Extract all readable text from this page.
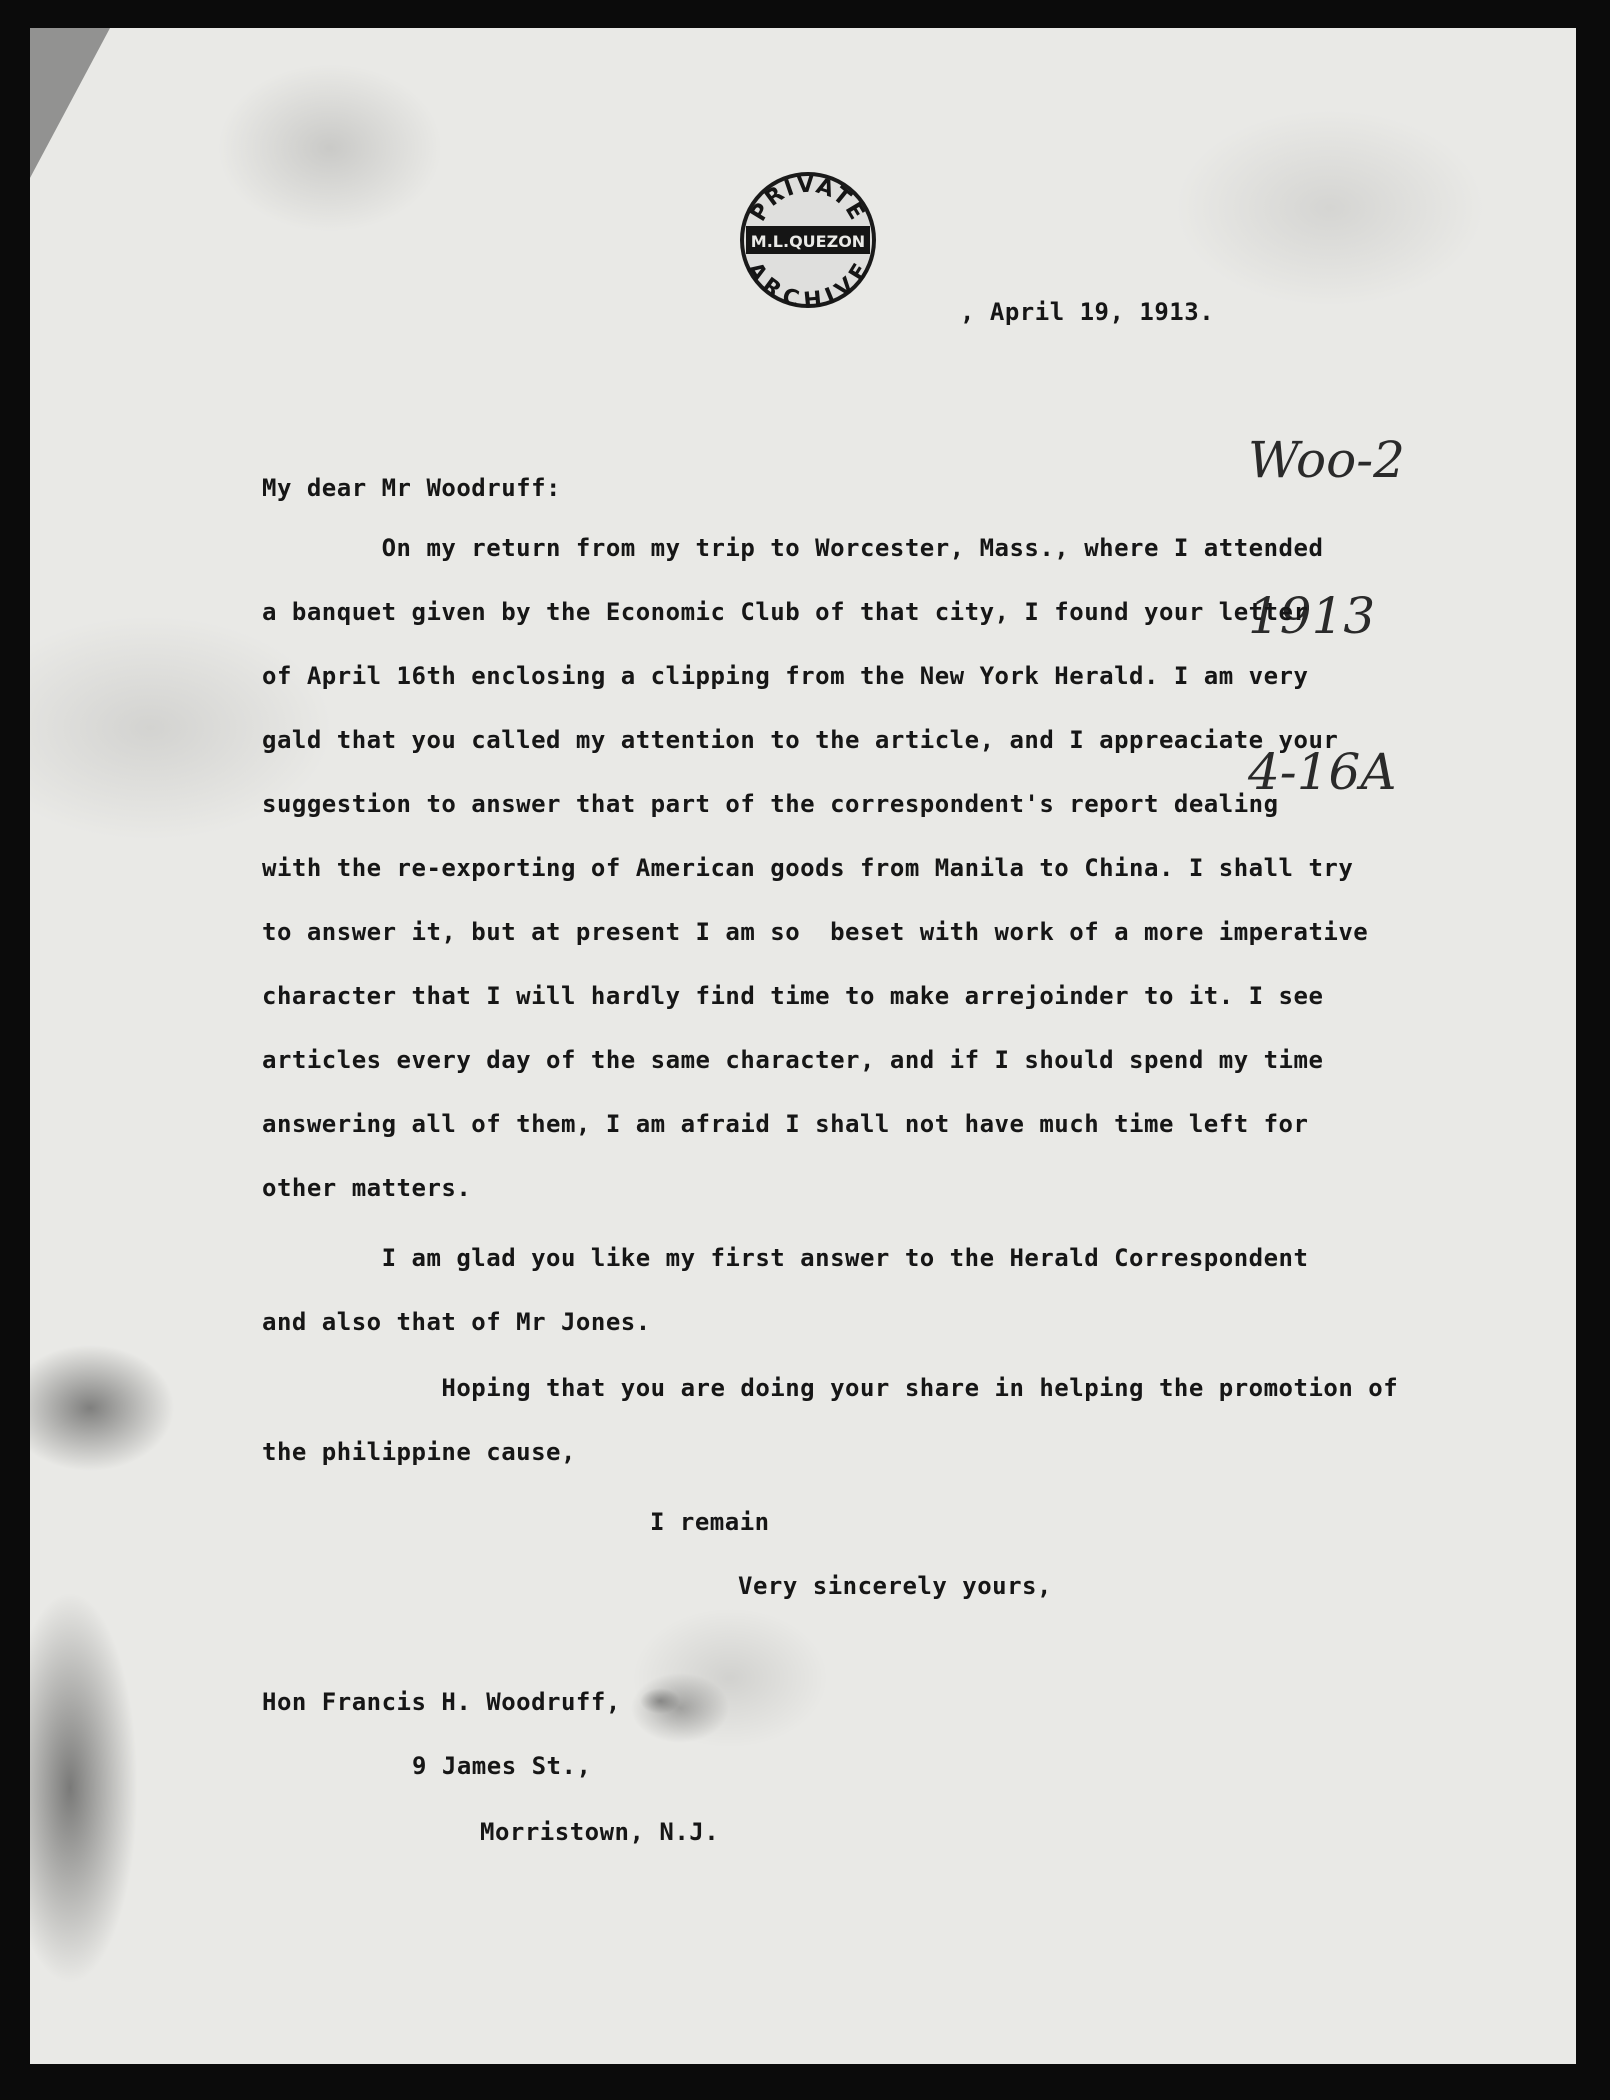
PRIVATE
M.L.QUEZON
ARCHIVE
, April 19, 1913.

Woo-2

1913

4-16A

My dear Mr Woodruff:
On my return from my trip to Worcester, Mass., where I attended
a banquet given by the Economic Club of that city, I found your letter
of April 16th enclosing a clipping from the New York Herald. I am very
gald that you called my attention to the article, and I appreaciate your
suggestion to answer that part of the correspondent's report dealing
with the re-exporting of American goods from Manila to China. I shall try
to answer it, but at present I am so  beset with work of a more imperative
character that I will hardly find time to make arrejoinder to it. I see
articles every day of the same character, and if I should spend my time
answering all of them, I am afraid I shall not have much time left for
other matters.
I am glad you like my first answer to the Herald Correspondent
and also that of Mr Jones.
Hoping that you are doing your share in helping the promotion of
the philippine cause,
I remain
Very sincerely yours,
Hon Francis H. Woodruff,
9 James St.,
Morristown, N.J.
